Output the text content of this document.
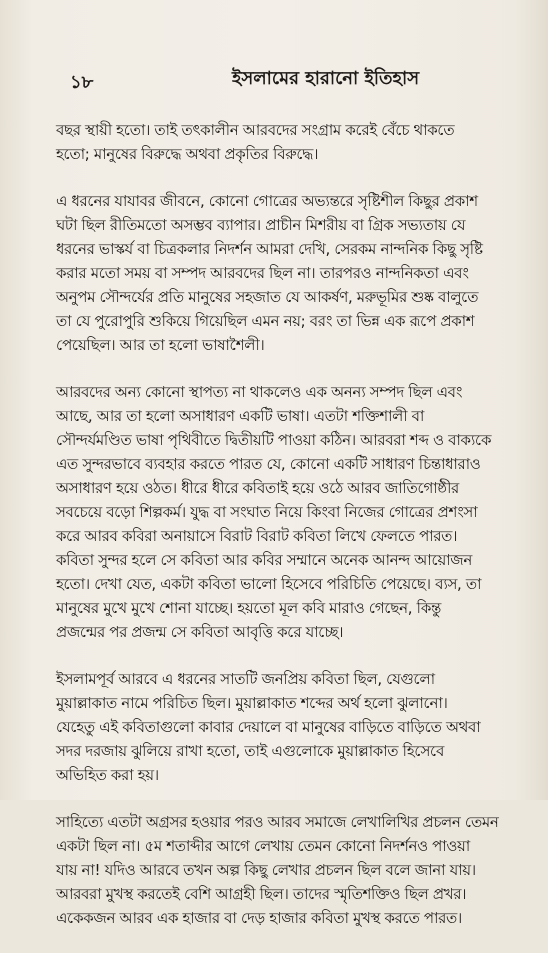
১৮	ইসলামের হারানো ইতিহাস
বছর স্থায়ী হতো। তাই তৎকালীন আরবদের সংগ্রাম করেই বেঁচে থাকতে
হতো; মানুষের বিরুদ্ধে অথবা প্রকৃতির বিরুদ্ধে।
এ ধরনের যাযাবর জীবনে, কোনো গোত্রের অভ্যন্তরে সৃষ্টিশীল কিছুর প্রকাশ
ঘটা ছিল রীতিমতো অসম্ভব ব্যাপার। প্রাচীন মিশরীয় বা গ্রিক সভ্যতায় যে
ধরনের ভাস্কর্য বা চিত্রকলার নিদর্শন আমরা দেখি, সেরকম নান্দনিক কিছু সৃষ্টি
করার মতো সময় বা সম্পদ আরবদের ছিল না। তারপরও নান্দনিকতা এবং
অনুপম সৌন্দর্যের প্রতি মানুষের সহজাত যে আকর্ষণ, মরুভূমির শুষ্ক বালুতে
তা যে পুরোপুরি শুকিয়ে গিয়েছিল এমন নয়; বরং তা ভিন্ন এক রূপে প্রকাশ
পেয়েছিল। আর তা হলো ভাষাশৈলী।
আরবদের অন্য কোনো স্থাপত্য না থাকলেও এক অনন্য সম্পদ ছিল এবং
আছে, আর তা হলো অসাধারণ একটি ভাষা। এতটা শক্তিশালী বা
সৌন্দর্যমণ্ডিত ভাষা পৃথিবীতে দ্বিতীয়টি পাওয়া কঠিন। আরবরা শব্দ ও বাক্যকে
এত সুন্দরভাবে ব্যবহার করতে পারত যে, কোনো একটি সাধারণ চিন্তাধারাও
অসাধারণ হয়ে ওঠত। ধীরে ধীরে কবিতাই হয়ে ওঠে আরব জাতিগোষ্ঠীর
সবচেয়ে বড়ো শিল্পকর্ম। যুদ্ধ বা সংঘাত নিয়ে কিংবা নিজের গোত্রের প্রশংসা
করে আরব কবিরা অনায়াসে বিরাট বিরাট কবিতা লিখে ফেলতে পারত।
কবিতা সুন্দর হলে সে কবিতা আর কবির সম্মানে অনেক আনন্দ আয়োজন
হতো। দেখা যেত, একটা কবিতা ভালো হিসেবে পরিচিতি পেয়েছে। ব্যস, তা
মানুষের মুখে মুখে শোনা যাচ্ছে। হয়তো মূল কবি মারাও গেছেন, কিন্তু
প্রজন্মের পর প্রজন্ম সে কবিতা আবৃত্তি করে যাচ্ছে।
ইসলামপূর্ব আরবে এ ধরনের সাতটি জনপ্রিয় কবিতা ছিল, যেগুলো
মুয়াল্লাকাত নামে পরিচিত ছিল। মুয়াল্লাকাত শব্দের অর্থ হলো ঝুলানো।
যেহেতু এই কবিতাগুলো কাবার দেয়ালে বা মানুষের বাড়িতে বাড়িতে অথবা
সদর দরজায় ঝুলিয়ে রাখা হতো, তাই এগুলোকে মুয়াল্লাকাত হিসেবে
অভিহিত করা হয়।
সাহিত্যে এতটা অগ্রসর হওয়ার পরও আরব সমাজে লেখালিখির প্রচলন তেমন
একটা ছিল না। ৫ম শতাব্দীর আগে লেখায় তেমন কোনো নিদর্শনও পাওয়া
যায় না! যদিও আরবে তখন অল্প কিছু লেখার প্রচলন ছিল বলে জানা যায়।
আরবরা মুখস্থ করতেই বেশি আগ্রহী ছিল। তাদের স্মৃতিশক্তিও ছিল প্রখর।
একেকজন আরব এক হাজার বা দেড় হাজার কবিতা মুখস্থ করতে পারত।
